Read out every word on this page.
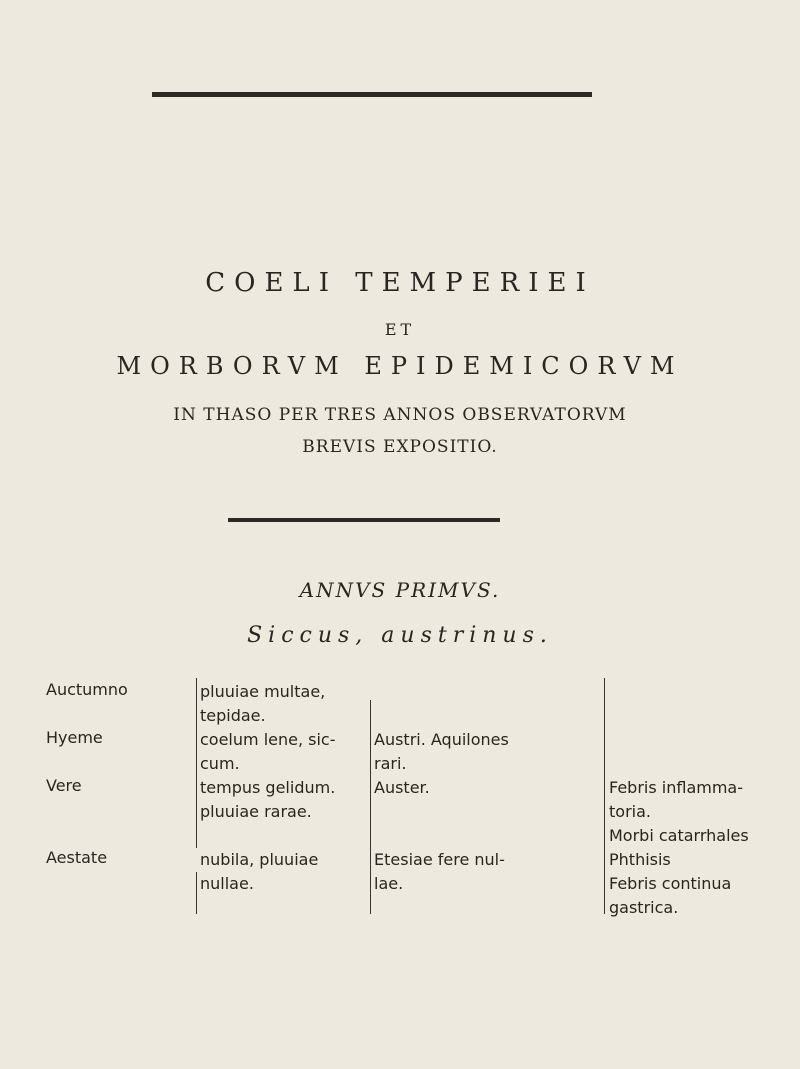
COELI TEMPERIEI
ET
MORBORVM EPIDEMICORVM
IN THASO PER TRES ANNOS OBSERVATORVM
BREVIS EXPOSITIO.
ANNVS PRIMVS.
Siccus, austrinus.
Auctumno
Hyeme
Vere
Aestate
pluuiae multae,
tepidae.
coelum lene, sic-
cum.
tempus gelidum.
pluuiae rarae.
nubila, pluuiae
nullae.
Austri. Aquilones
rari.
Auster.
Etesiae fere nul-
lae.
Febris inflamma-
toria.
Morbi catarrhales
Phthisis
Febris continua
gastrica.
